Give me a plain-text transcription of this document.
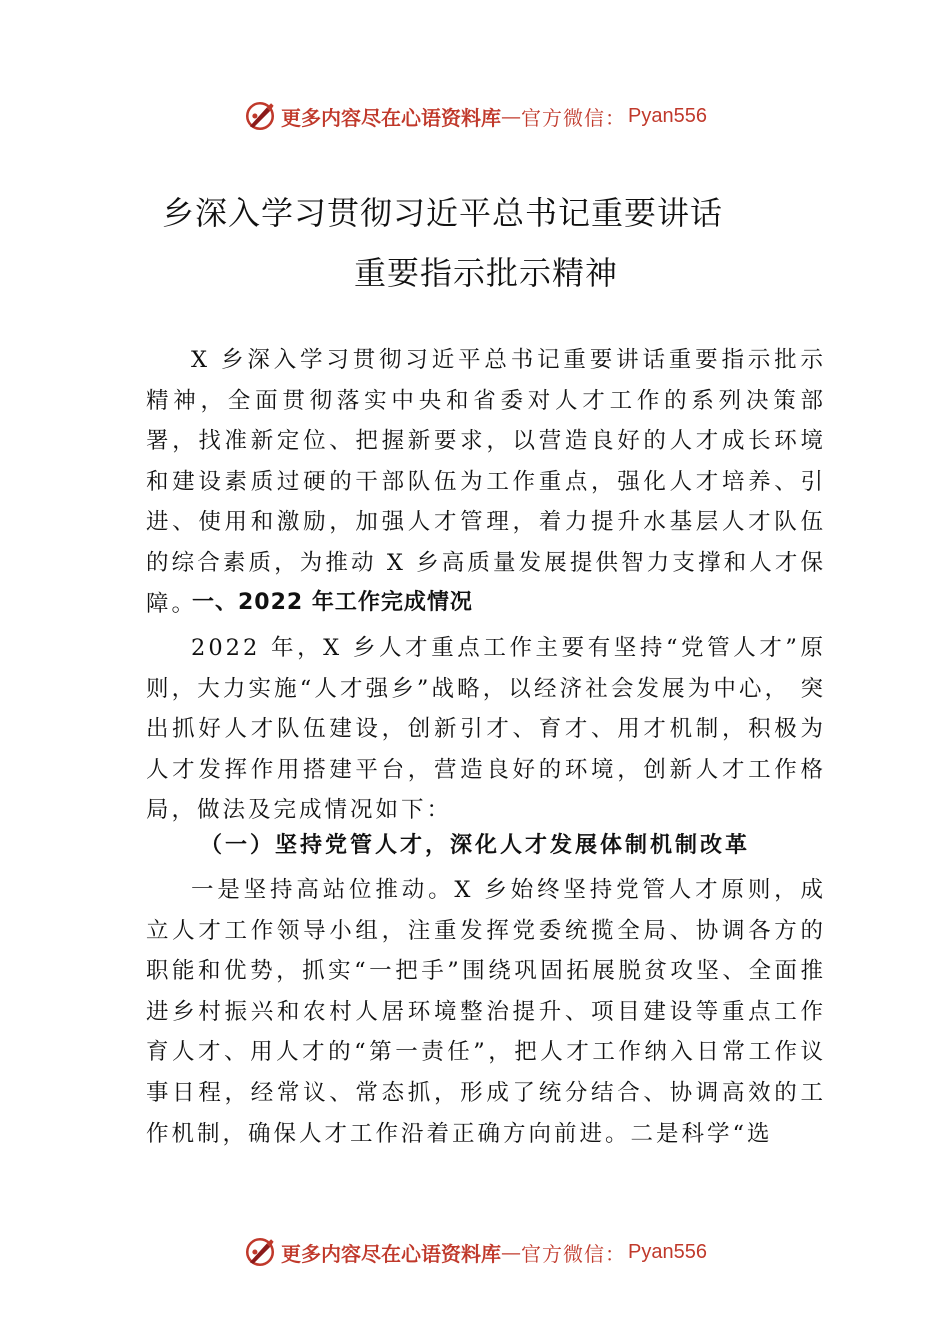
更多内容尽在心语资料库 — 官方微信： Pyan556
乡深入学习贯彻习近平总书记重要讲话
重要指示批示精神

X 乡深入学习贯彻习近平总书记重要讲话重要指示批示精神，全面贯彻落实中央和省委对人才工作的系列决策部署，找准新定位、把握新要求，以营造良好的人才成长环境和建设素质过硬的干部队伍为工作重点，强化人才培养、引进、使用和激励，加强人才管理，着力提升水基层人才队伍的综合素质，为推动 X 乡高质量发展提供智力支撑和人才保障。

一、2022 年工作完成情况

2022 年，X 乡人才重点工作主要有坚持“党管人才”原则，大力实施“人才强乡”战略，以经济社会发展为中心， 突出抓好人才队伍建设，创新引才、育才、用才机制，积极为人才发挥作用搭建平台，营造良好的环境，创新人才工作格局，做法及完成情况如下：

（一）坚持党管人才，深化人才发展体制机制改革

一是坚持高站位推动。X 乡始终坚持党管人才原则，成立人才工作领导小组，注重发挥党委统揽全局、协调各方的职能和优势，抓实“一把手”围绕巩固拓展脱贫攻坚、全面推进乡村振兴和农村人居环境整治提升、项目建设等重点工作育人才、用人才的“第一责任”，把人才工作纳入日常工作议事日程，经常议、常态抓，形成了统分结合、协调高效的工作机制，确保人才工作沿着正确方向前进。二是科学“选

更多内容尽在心语资料库 — 官方微信： Pyan556
